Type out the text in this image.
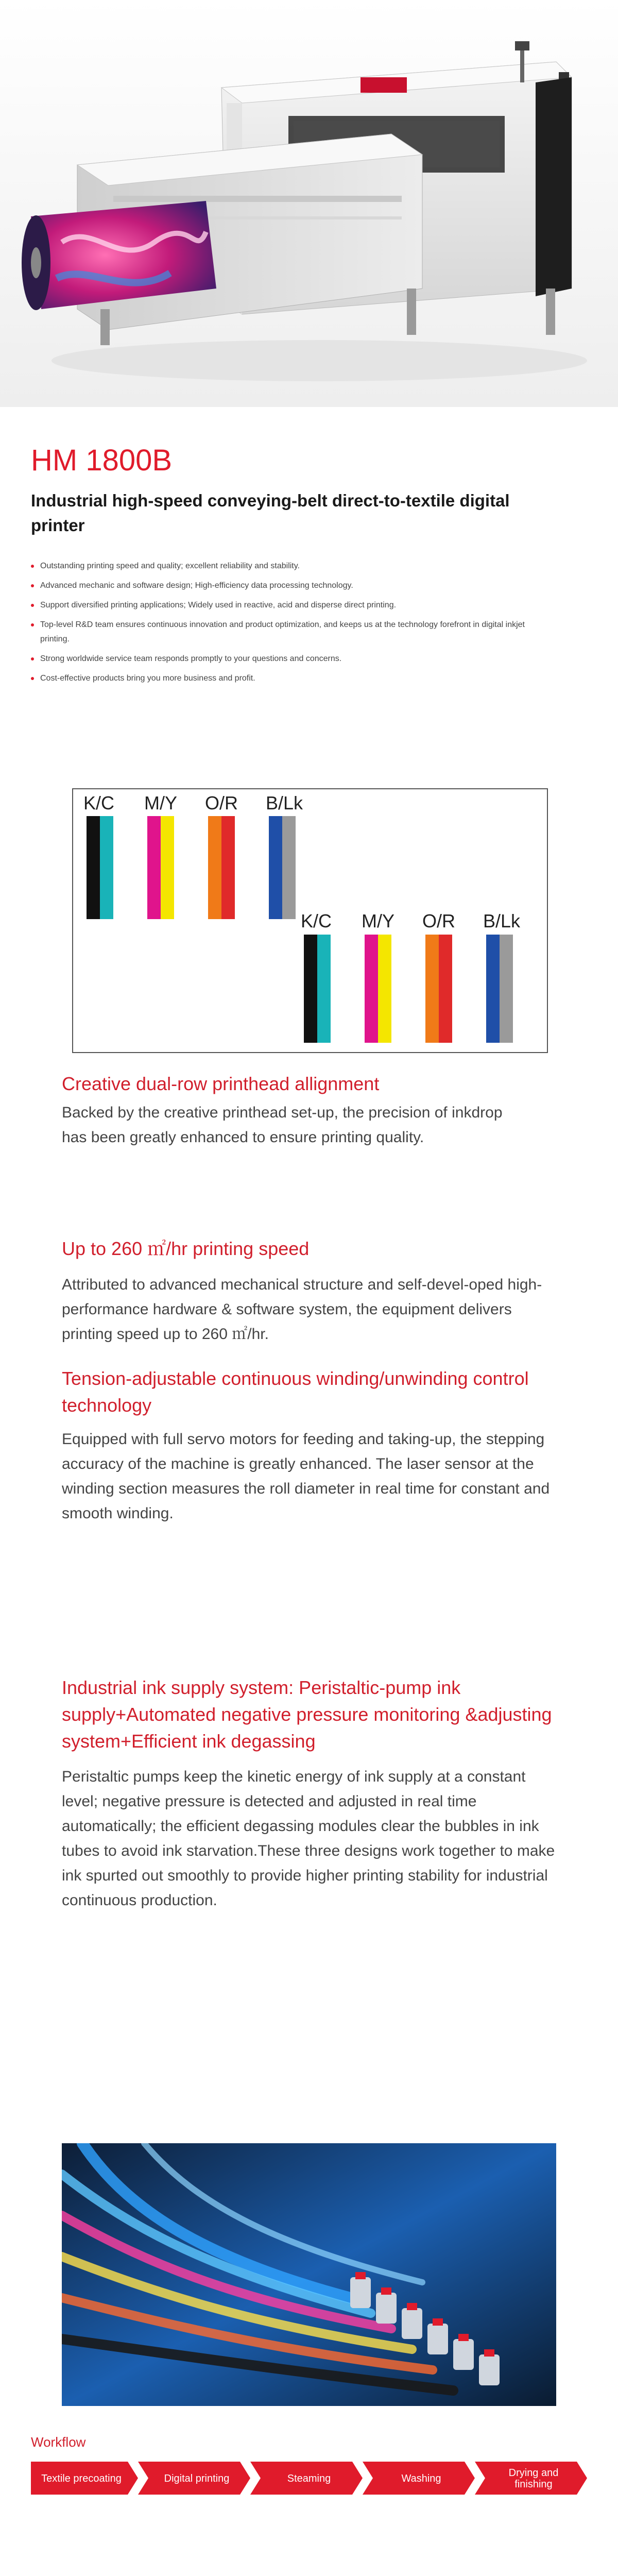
HM 1800B
Industrial high-speed conveying-belt direct-to-textile digital printer
Outstanding printing speed and quality; excellent reliability and stability.
Advanced mechanic and software design; High-efficiency data processing technology.
Support diversified printing applications; Widely used in reactive, acid and disperse direct printing.
Top-level R&D team ensures continuous innovation and product optimization, and keeps us at the technology forefront in digital inkjet printing.
Strong worldwide service team responds promptly to your questions and concerns.
Cost-effective products bring you more business and profit.
K/C M/Y O/R B/Lk
K/C M/Y O/R B/Lk
Creative dual-row printhead allignment
Backed by the creative printhead set-up, the precision of inkdrop has been greatly enhanced to ensure printing quality.
Up to 260 ㎡/hr printing speed
Attributed to advanced mechanical structure and self-devel-oped high-performance hardware & software system, the equipment delivers printing speed up to 260 ㎡/hr.
Tension-adjustable continuous winding/unwinding control technology
Equipped with full servo motors for feeding and taking-up, the stepping accuracy of the machine is greatly enhanced. The laser sensor at the winding section measures the roll diameter in real time for constant and smooth winding.
Industrial ink supply system: Peristaltic-pump ink supply+Automated negative pressure monitoring &adjusting system+Efficient ink degassing
Peristaltic pumps keep the kinetic energy of ink supply at a constant level; negative pressure is detected and adjusted in real time automatically; the efficient degassing modules clear the bubbles in ink tubes to avoid ink starvation.These three designs work together to make ink spurted out smoothly to provide higher printing stability for industrial continuous production.
Workflow
Textile precoating	Digital printing	Steaming	Washing	Drying and
finishing
